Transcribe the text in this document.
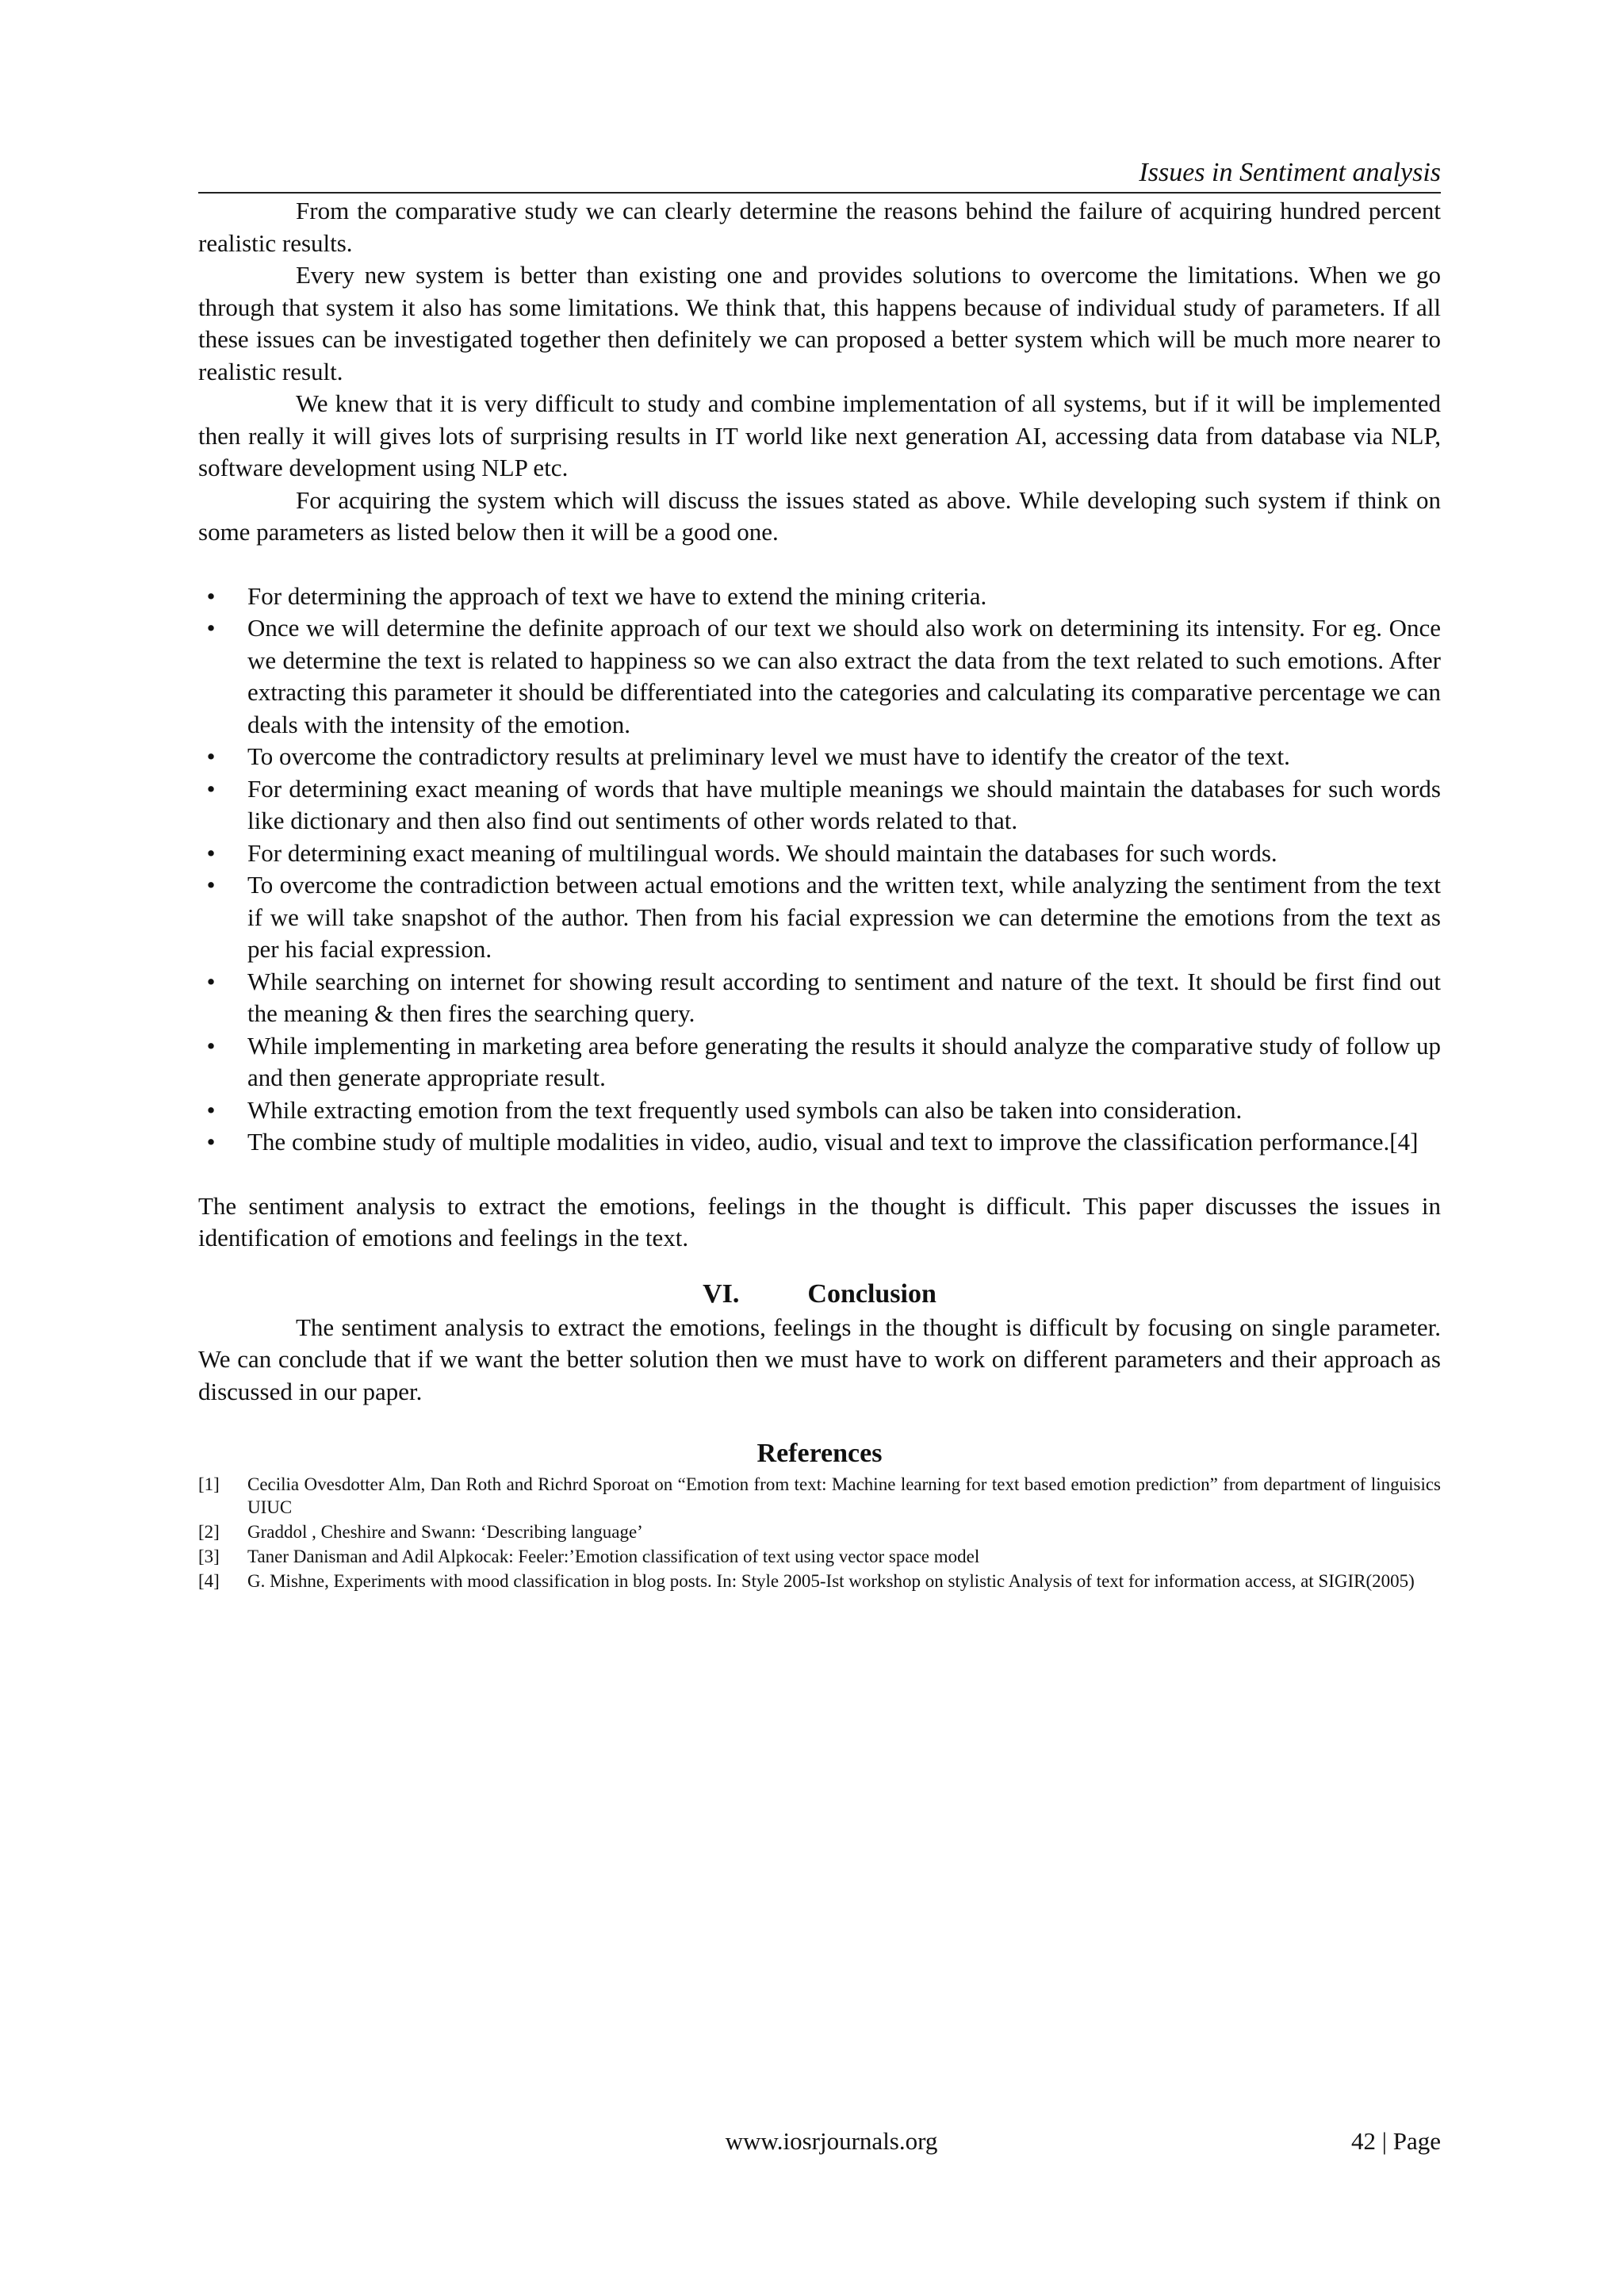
Issues in Sentiment analysis

From the comparative study we can clearly determine the reasons behind the failure of acquiring hundred percent realistic results.

Every new system is better than existing one and provides solutions to overcome the limitations. When we go through that system it also has some limitations. We think that, this happens because of individual study of parameters. If all these issues can be investigated together then definitely we can proposed a better system which will be much more nearer to realistic result.

We knew that it is very difficult to study and combine implementation of all systems, but if it will be implemented then really it will gives lots of surprising results in IT world like next generation AI, accessing data from database via NLP, software development using NLP etc.

For acquiring the system which will discuss the issues stated as above. While developing such system if think on some parameters as listed below then it will be a good one.

• For determining the approach of text we have to extend the mining criteria.
• Once we will determine the definite approach of our text we should also work on determining its intensity. For eg. Once we determine the text is related to happiness so we can also extract the data from the text related to such emotions. After extracting this parameter it should be differentiated into the categories and calculating its comparative percentage we can deals with the intensity of the emotion.
• To overcome the contradictory results at preliminary level we must have to identify the creator of the text.
• For determining exact meaning of words that have multiple meanings we should maintain the databases for such words like dictionary and then also find out sentiments of other words related to that.
• For determining exact meaning of multilingual words. We should maintain the databases for such words.
• To overcome the contradiction between actual emotions and the written text, while analyzing the sentiment from the text if we will take snapshot of the author. Then from his facial expression we can determine the emotions from the text as per his facial expression.
• While searching on internet for showing result according to sentiment and nature of the text. It should be first find out the meaning & then fires the searching query.
• While implementing in marketing area before generating the results it should analyze the comparative study of follow up and then generate appropriate result.
• While extracting emotion from the text frequently used symbols can also be taken into consideration.
• The combine study of multiple modalities in video, audio, visual and text to improve the classification performance.[4]

The sentiment analysis to extract the emotions, feelings in the thought is difficult. This paper discusses the issues in identification of emotions and feelings in the text.

VI.	Conclusion

The sentiment analysis to extract the emotions, feelings in the thought is difficult by focusing on single parameter. We can conclude that if we want the better solution then we must have to work on different parameters and their approach as discussed in our paper.

References
[1] Cecilia Ovesdotter Alm, Dan Roth and Richrd Sporoat on “Emotion from text: Machine learning for text based emotion prediction” from department of linguisics UIUC
[2] Graddol , Cheshire and Swann: ‘Describing language’
[3] Taner Danisman and Adil Alpkocak: Feeler:’Emotion classification of text using vector space model
[4] G. Mishne, Experiments with mood classification in blog posts. In: Style 2005-Ist workshop on stylistic Analysis of text for information access, at SIGIR(2005)
www.iosrjournals.org	42 | Page
